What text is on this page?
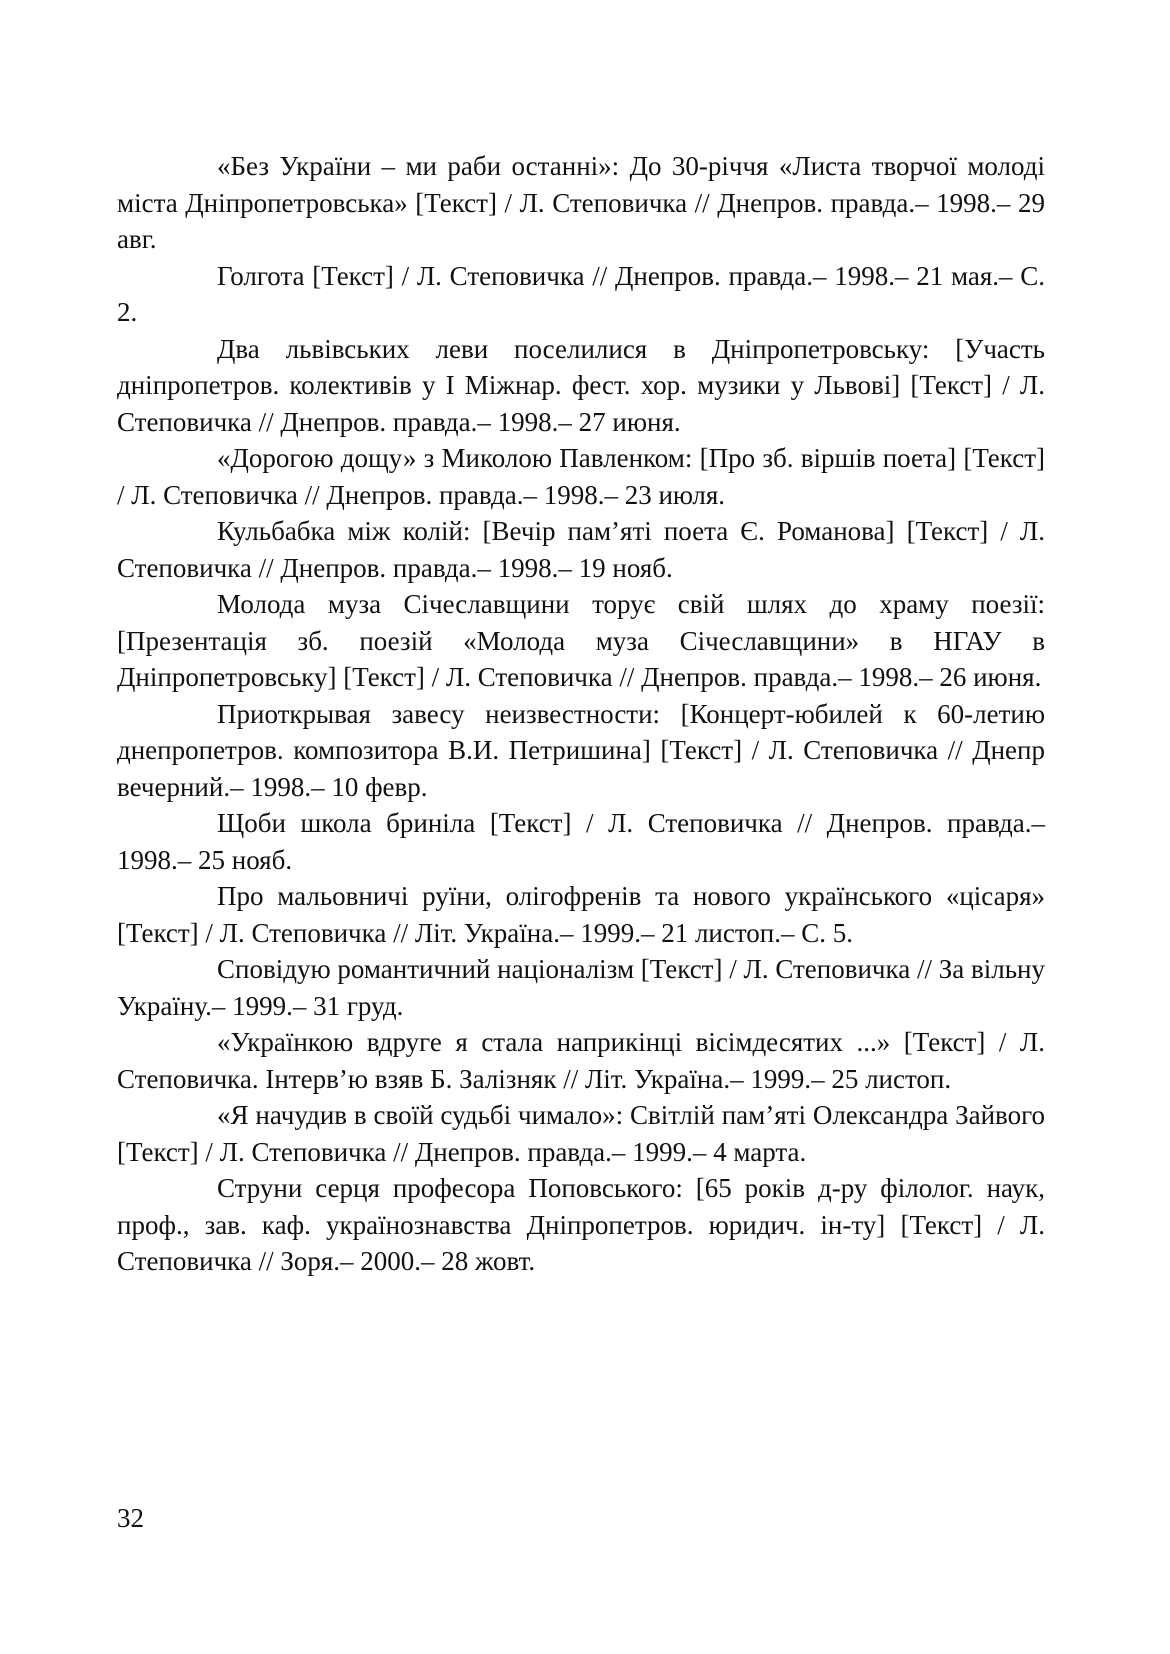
«Без України – ми раби останні»: До 30-річчя «Листа творчої молоді міста Дніпропетровська» [Текст] / Л. Степовичка // Днепров. правда.– 1998.– 29 авг.

Голгота [Текст] / Л. Степовичка // Днепров. правда.– 1998.– 21 мая.– С. 2.

Два львівських леви поселилися в Дніпропетровську: [Участь дніпропетров. колективів у І Міжнар. фест. хор. музики у Львові] [Текст] / Л. Степовичка // Днепров. правда.– 1998.– 27 июня.

«Дорогою дощу» з Миколою Павленком: [Про зб. віршів поета] [Текст] / Л. Степовичка // Днепров. правда.– 1998.– 23 июля.

Кульбабка між колій: [Вечір пам’яті поета Є. Романова] [Текст] / Л. Степовичка // Днепров. правда.– 1998.– 19 нояб.

Молода муза Січеславщини торує свій шлях до храму поезії: [Презентація зб. поезій «Молода муза Січеславщини» в НГАУ в Дніпропетровську] [Текст] / Л. Степовичка // Днепров. правда.– 1998.– 26 июня.

Приоткрывая завесу неизвестности: [Концерт-юбилей к 60-летию днепропетров. композитора В.И. Петришина] [Текст] / Л. Степовичка // Днепр вечерний.– 1998.– 10 февр.

Щоби школа бриніла [Текст] / Л. Степовичка // Днепров. правда.– 1998.– 25 нояб.

Про мальовничі руїни, олігофренів та нового українського «цісаря» [Текст] / Л. Степовичка // Літ. Україна.– 1999.– 21 листоп.– С. 5.

Сповідую романтичний націоналізм [Текст] / Л. Степовичка // За вільну Україну.– 1999.– 31 груд.

«Українкою вдруге я стала наприкінці вісімдесятих ...» [Текст] / Л. Степовичка. Інтерв’ю взяв Б. Залізняк // Літ. Україна.– 1999.– 25 листоп.

«Я начудив в своїй судьбі чимало»: Світлій пам’яті Олександра Зайвого [Текст] / Л. Степовичка // Днепров. правда.– 1999.– 4 марта.

Струни серця професора Поповського: [65 років д-ру філолог. наук, проф., зав. каф. українознавства Дніпропетров. юридич. ін-ту] [Текст] / Л. Степовичка // Зоря.– 2000.– 28 жовт.

32
